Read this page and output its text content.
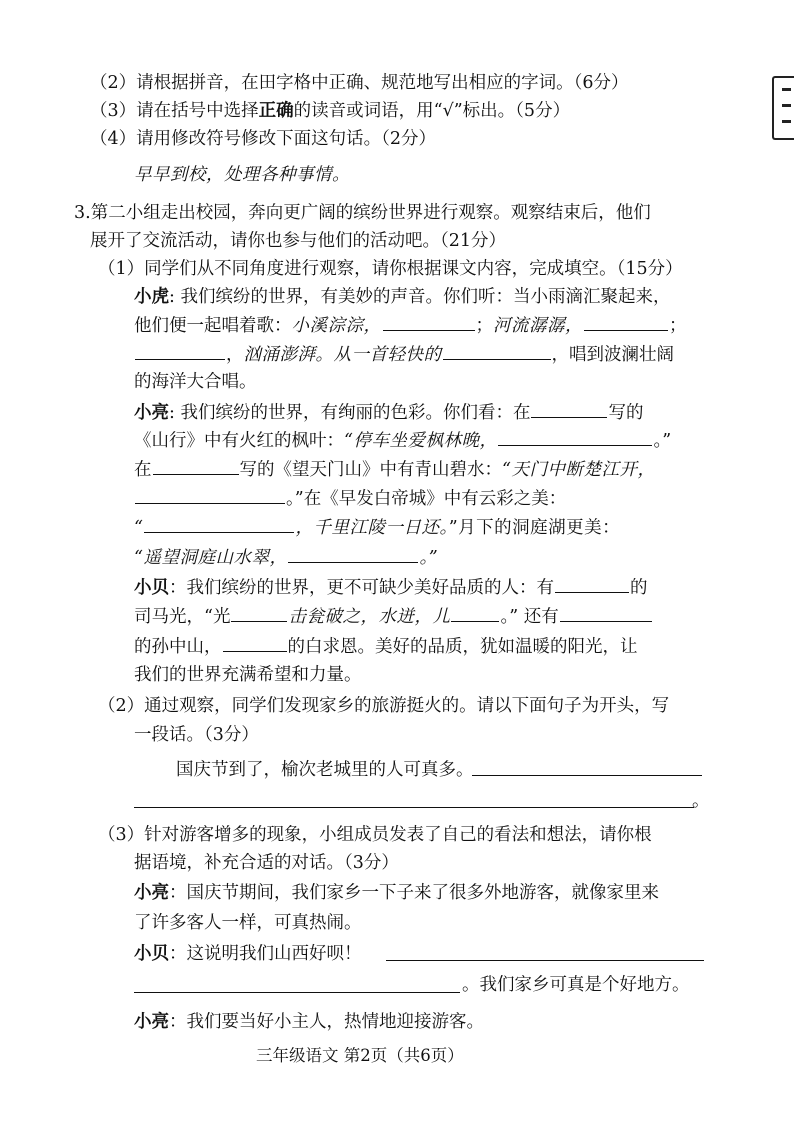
（2）请根据拼音，在田字格中正确、规范地写出相应的字词。（6分）
（3）请在括号中选择正确的读音或词语，用“√”标出。（5分）
（4）请用修改符号修改下面这句话。（2分）
早早到校，处理各种事情。
3.第二小组走出校园，奔向更广阔的缤纷世界进行观察。观察结束后，他们
展开了交流活动，请你也参与他们的活动吧。（21分）
（1）同学们从不同角度进行观察，请你根据课文内容，完成填空。（15分）
小虎: 我们缤纷的世界，有美妙的声音。你们听：当小雨滴汇聚起来，
他们便一起唱着歌：小溪淙淙，	；河流潺潺，	；
，汹涌澎湃。从一首轻快的	，唱到波澜壮阔
的海洋大合唱。
小亮: 我们缤纷的世界，有绚丽的色彩。你们看：在	写的
《山行》中有火红的枫叶：“停车坐爱枫林晚，	。”
在	写的《望天门山》中有青山碧水：“天门中断楚江开，
。”在《早发白帝城》中有云彩之美：
“	，千里江陵一日还。”月下的洞庭湖更美：
“遥望洞庭山水翠，	。”
小贝：我们缤纷的世界，更不可缺少美好品质的人：有	的
司马光，“光	击瓮破之，水迸，儿	。” 还有
的孙中山，	的白求恩。美好的品质，犹如温暖的阳光，让
我们的世界充满希望和力量。
（2）通过观察，同学们发现家乡的旅游挺火的。请以下面句子为开头，写
一段话。（3分）
国庆节到了，榆次老城里的人可真多。
。
（3）针对游客增多的现象，小组成员发表了自己的看法和想法，请你根
据语境，补充合适的对话。（3分）
小亮：国庆节期间，我们家乡一下子来了很多外地游客，就像家里来
了许多客人一样，可真热闹。
小贝：这说明我们山西好呗！
。我们家乡可真是个好地方。
小亮：我们要当好小主人，热情地迎接游客。
三年级语文 第2页（共6页）
